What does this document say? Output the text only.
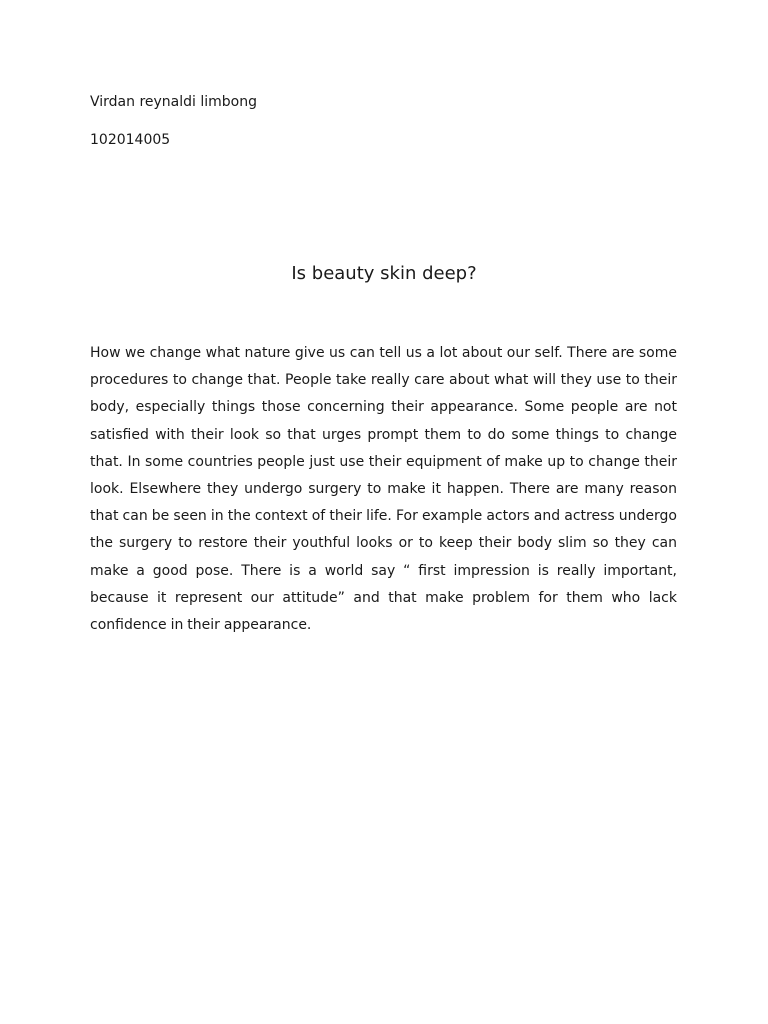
Virdan reynaldi limbong
102014005
Is beauty skin deep?

How we change what nature give us can tell us a lot about our self. There are some procedures to change that. People take really care about what will they use to their body, especially things those concerning their appearance. Some people are not satisfied with their look so that urges prompt them to do some things to change that. In some countries people just use their equipment of make up to change their look. Elsewhere they undergo surgery to make it happen. There are many reason that can be seen in the context of their life. For example actors and actress undergo the surgery to restore their youthful looks or to keep their body slim so they can make a good pose. There is a world say “ first impression is really important, because it represent our attitude” and that make problem for them who lack confidence in their appearance.
